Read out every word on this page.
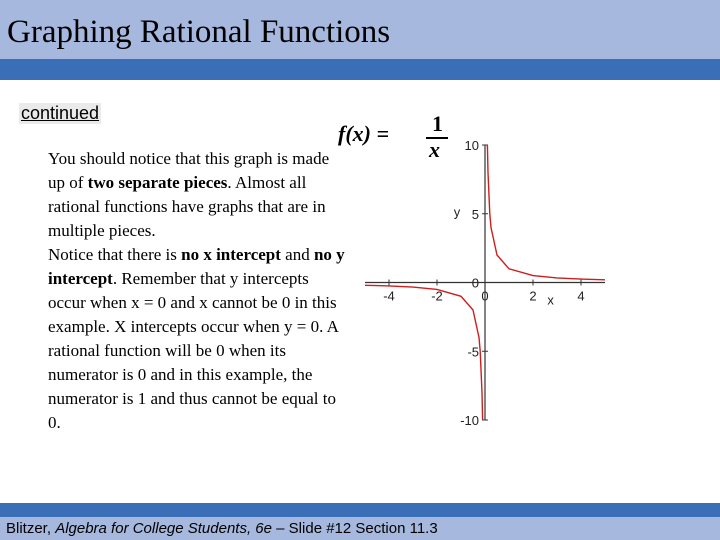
Graphing Rational Functions
continued
f(x) = 1
x
You should notice that this graph is made up of two separate pieces. Almost all rational functions have graphs that are in multiple pieces.
Notice that there is no x intercept and no y intercept. Remember that y intercepts occur when x = 0 and x cannot be 0 in this example. X intercepts occur when y = 0. A rational function will be 0 when its numerator is 0 and in this example, the numerator is 1 and thus cannot be equal to 0.
-4	-2	0	2	4
-10
-5
0
5
10
x
y
Blitzer, Algebra for College Students, 6e – Slide #12 Section 11.3
